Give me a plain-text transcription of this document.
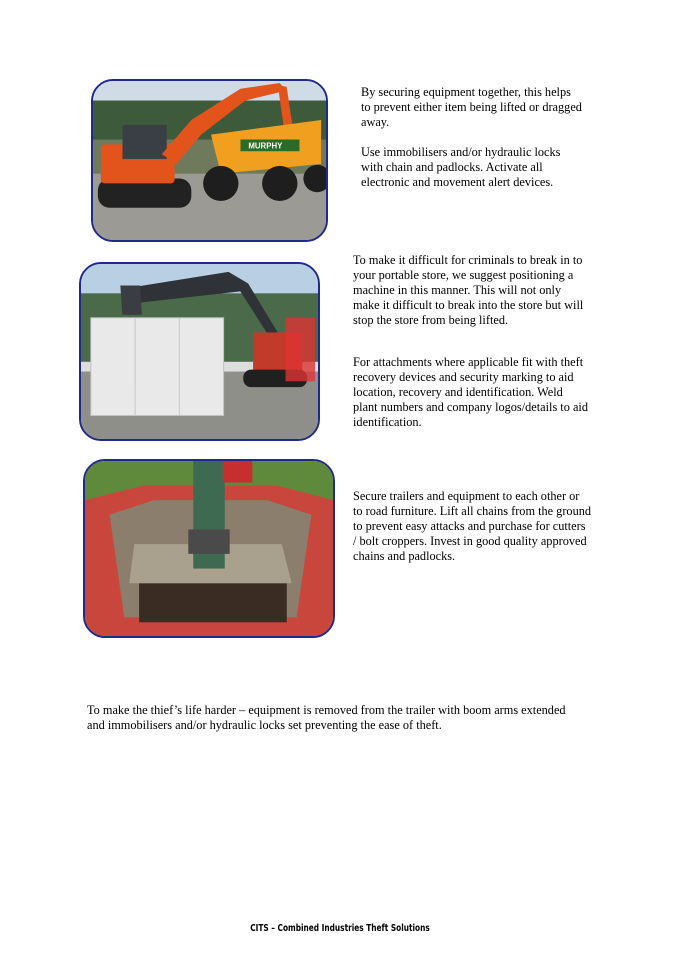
MURPHY

By securing equipment together, this helps to prevent either item being lifted or dragged away.

Use immobilisers and/or hydraulic locks with chain and padlocks. Activate all electronic and movement alert devices.

To make it difficult for criminals to break in to your portable store, we suggest positioning a machine in this manner. This will not only make it difficult to break into the store but will stop the store from being lifted.

For attachments where applicable fit with theft recovery devices and security marking to aid location, recovery and identification. Weld plant numbers and company logos/details to aid identification.

Secure trailers and equipment to each other or to road furniture. Lift all chains from the ground to prevent easy attacks and purchase for cutters / bolt croppers. Invest in good quality approved chains and padlocks.

To make the thief’s life harder – equipment is removed from the trailer with boom arms extended and immobilisers and/or hydraulic locks set preventing the ease of theft.

CITS – Combined Industries Theft Solutions
